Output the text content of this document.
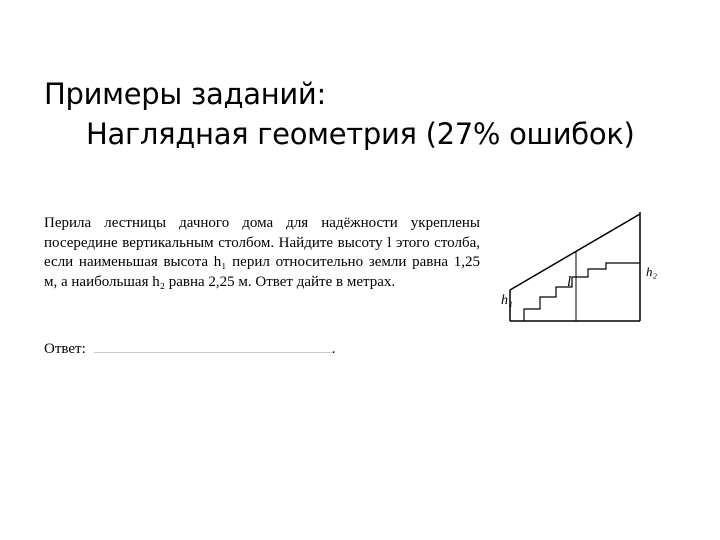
Примеры заданий:
Наглядная геометрия (27% ошибок)

Перила лестницы дачного дома для надёжности укреплены посередине вертикальным столбом. Найдите высоту l этого столба, если наименьшая высота h₁ перил относительно земли равна 1,25 м, а наибольшая h₂ равна 2,25 м. Ответ дайте в метрах.

Ответ:	.
l
h₁
h₂
